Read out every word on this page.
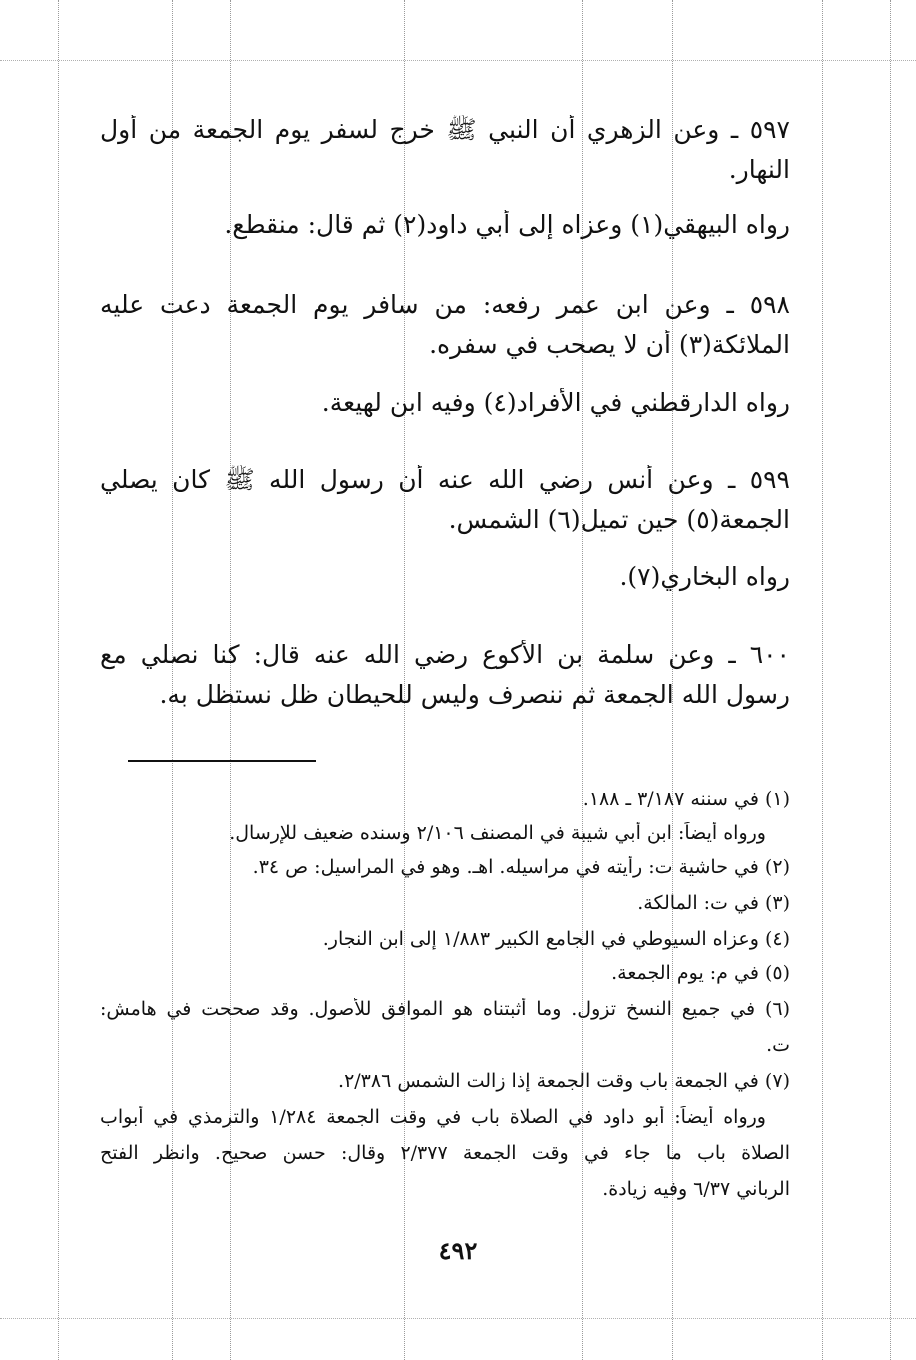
٥٩٧ ـ وعن الزهري أن النبي ﷺ خرج لسفر يوم الجمعة من أول
النهار.
رواه البيهقي(١) وعزاه إلى أبي داود(٢) ثم قال: منقطع.
٥٩٨ ـ وعن ابن عمر رفعه: من سافر يوم الجمعة دعت عليه
الملائكة(٣) أن لا يصحب في سفره.
رواه الدارقطني في الأفراد(٤) وفيه ابن لهيعة.
٥٩٩ ـ وعن أنس رضي الله عنه أن رسول الله ﷺ كان يصلي
الجمعة(٥) حين تميل(٦) الشمس.
رواه البخاري(٧).
٦٠٠ ـ وعن سلمة بن الأكوع رضي الله عنه قال: كنا نصلي مع
رسول الله الجمعة ثم ننصرف وليس للحيطان ظل نستظل به.
(١) في سننه ٣/١٨٧ ـ ١٨٨.
ورواه أيضاً: ابن أبي شيبة في المصنف ٢/١٠٦ وسنده ضعيف للإرسال.
(٢) في حاشية ت: رأيته في مراسيله. اهـ. وهو في المراسيل: ص ٣٤.
(٣) في ت: المالكة.
(٤) وعزاه السيوطي في الجامع الكبير ١/٨٨٣ إلى ابن النجار.
(٥) في م: يوم الجمعة.
(٦) في جميع النسخ تزول. وما أثبتناه هو الموافق للأصول. وقد صححت في هامش:
ت.
(٧) في الجمعة باب وقت الجمعة إذا زالت الشمس ٢/٣٨٦.
ورواه أيضاً: أبو داود في الصلاة باب في وقت الجمعة ١/٢٨٤ والترمذي في أبواب
الصلاة باب ما جاء في وقت الجمعة ٢/٣٧٧ وقال: حسن صحيح. وانظر الفتح
الرباني ٦/٣٧ وفيه زيادة.
٤٩٢
